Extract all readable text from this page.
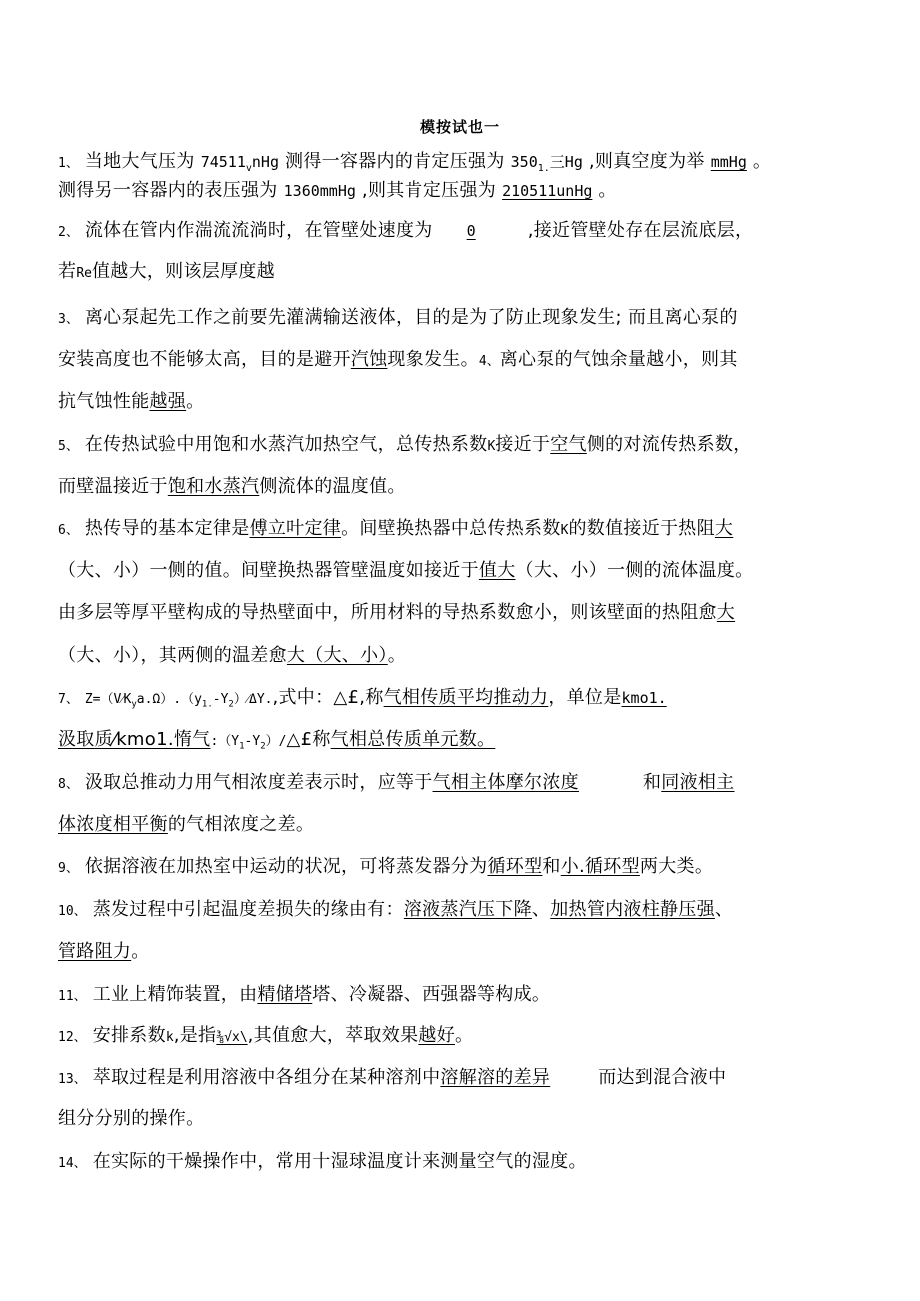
模按试也一
1、 当地大气压为 $74511_vnHg$ 测得一容器内的肯定压强为 $350_{1.}$三Hg ,则真空度为举 mmHg 。
测得另一容器内的表压强为 1360mmHg ,则其肯定压强为 210511unHg 。
2、 流体在管内作湍流流淌时，在管壁处速度为 0	,接近管壁处存在层流底层，
若Re值越大，则该层厚度越
3、 离心泵起先工作之前要先灌满输送液体，目的是为了防止现象发生; 而且离心泵的
安装高度也不能够太高，目的是避开汽蚀现象发生。4、离心泵的气蚀余量越小，则其
抗气蚀性能越强。
5、 在传热试验中用饱和水蒸汽加热空气，总传热系数K接近于空气侧的对流传热系数，
而壁温接近于饱和水蒸汽侧流体的温度值。
6、 热传导的基本定律是傅立叶定律。间壁换热器中总传热系数K的数值接近于热阻大
（大、小）一侧的值。间壁换热器管壁温度如接近于值大（大、小）一侧的流体温度。
由多层等厚平壁构成的导热壁面中，所用材料的导热系数愈小，则该壁面的热阻愈大
（大、小），其两侧的温差愈大（大、小）。
7、 $Z=(V⁄K_ya.\Omega).(y_{1.}-Y_2)⁄\Delta Y$.,式中：△£,称气相传质平均推动力，单位是kmo1.
汲取质⁄kmo1.惰气$:(Y_1-Y_2)/\triangle£$称气相总传质单元数。
8、 汲取总推动力用气相浓度差表示时，应等于气相主体摩尔浓度	和同液相主
体浓度相平衡的气相浓度之差。
9、 依据溶液在加热室中运动的状况，可将蒸发器分为循环型和小.循环型两大类。
10、 蒸发过程中引起温度差损失的缘由有：溶液蒸汽压下降、加热管内液柱静压强、
管路阻力。
11、 工业上精饰装置，由精储塔塔、冷凝器、西强器等构成。
12、 安排系数k,是指⅜√x\,其值愈大，萃取效果越好。
13、 萃取过程是利用溶液中各组分在某种溶剂中溶解溶的差异	而达到混合液中
组分分别的操作。
14、 在实际的干燥操作中，常用十湿球温度计来测量空气的湿度。
